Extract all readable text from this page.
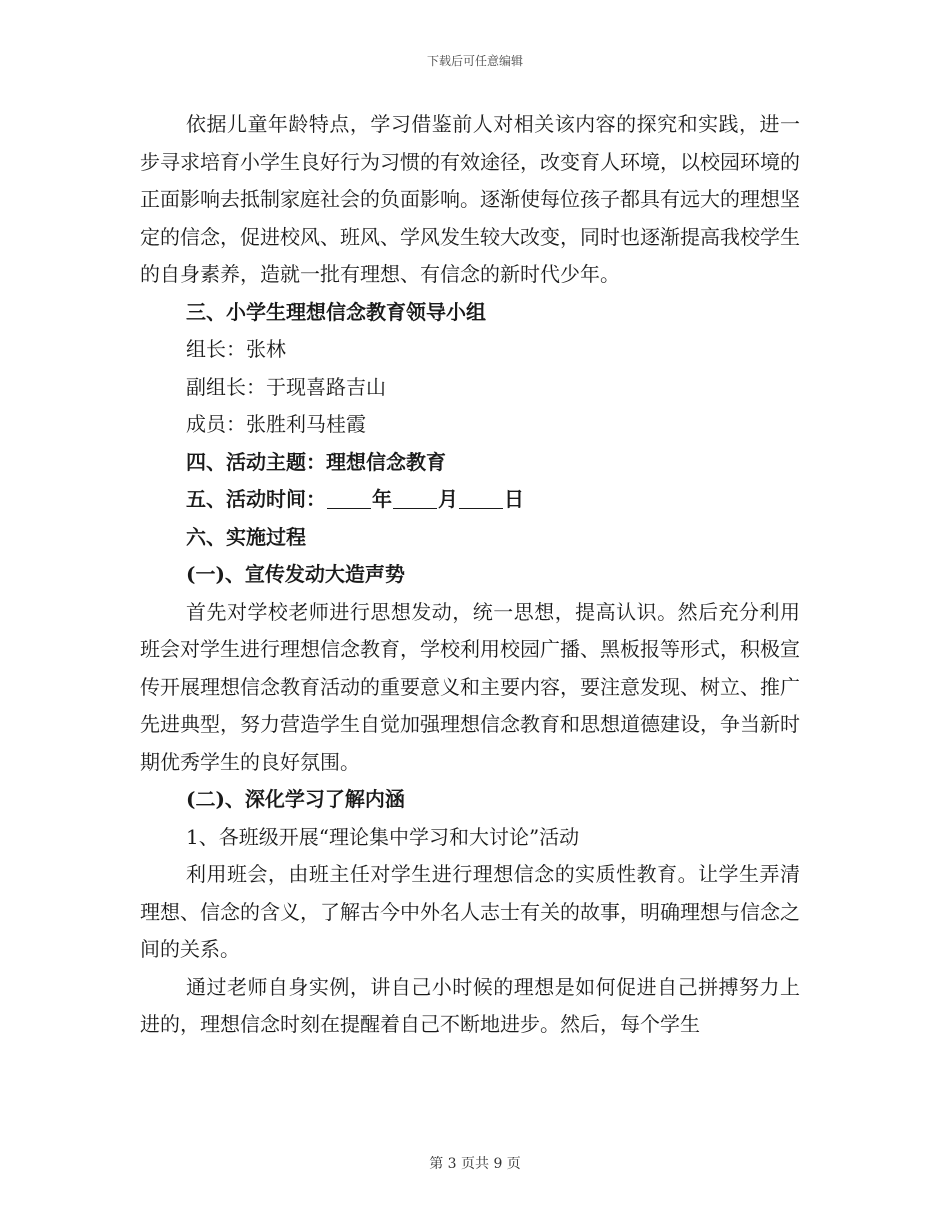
下载后可任意编辑

依据儿童年龄特点，学习借鉴前人对相关该内容的探究和实践，进一步寻求培育小学生良好行为习惯的有效途径，改变育人环境，以校园环境的正面影响去抵制家庭社会的负面影响。逐渐使每位孩子都具有远大的理想坚定的信念，促进校风、班风、学风发生较大改变，同时也逐渐提高我校学生的自身素养，造就一批有理想、有信念的新时代少年。

三、小学生理想信念教育领导小组

组长：张林

副组长：于现喜路吉山

成员：张胜利马桂霞

四、活动主题：理想信念教育

五、活动时间： 年 月 日

六、实施过程

(一)、宣传发动大造声势

首先对学校老师进行思想发动，统一思想，提高认识。然后充分利用班会对学生进行理想信念教育，学校利用校园广播、黑板报等形式，积极宣传开展理想信念教育活动的重要意义和主要内容，要注意发现、树立、推广先进典型，努力营造学生自觉加强理想信念教育和思想道德建设，争当新时期优秀学生的良好氛围。

(二)、深化学习了解内涵

1、各班级开展“理论集中学习和大讨论”活动

利用班会，由班主任对学生进行理想信念的实质性教育。让学生弄清理想、信念的含义，了解古今中外名人志士有关的故事，明确理想与信念之间的关系。

通过老师自身实例，讲自己小时候的理想是如何促进自己拼搏努力上进的，理想信念时刻在提醒着自己不断地进步。然后，每个学生

第 3 页共 9 页
